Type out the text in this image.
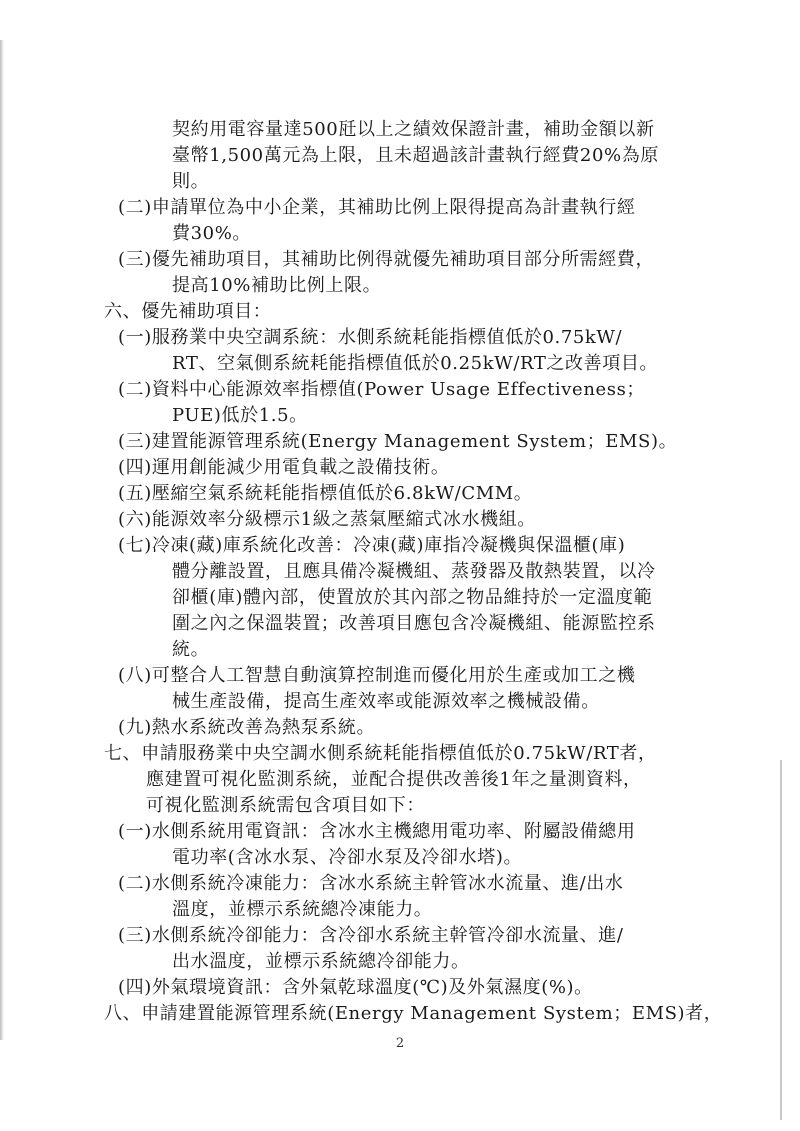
契約用電容量達500瓩以上之績效保證計畫，補助金額以新
臺幣1,500萬元為上限，且未超過該計畫執行經費20%為原
則。
(二)申請單位為中小企業，其補助比例上限得提高為計畫執行經
費30%。
(三)優先補助項目，其補助比例得就優先補助項目部分所需經費，
提高10%補助比例上限。
六、優先補助項目：
(一)服務業中央空調系統：水側系統耗能指標值低於0.75kW/
RT、空氣側系統耗能指標值低於0.25kW/RT之改善項目。
(二)資料中心能源效率指標值(Power Usage Effectiveness；
PUE)低於1.5。
(三)建置能源管理系統(Energy Management System；EMS)。
(四)運用創能減少用電負載之設備技術。
(五)壓縮空氣系統耗能指標值低於6.8kW/CMM。
(六)能源效率分級標示1級之蒸氣壓縮式冰水機組。
(七)冷凍(藏)庫系統化改善：冷凍(藏)庫指冷凝機與保溫櫃(庫)
體分離設置，且應具備冷凝機組、蒸發器及散熱裝置，以冷
卻櫃(庫)體內部，使置放於其內部之物品維持於一定溫度範
圍之內之保溫裝置；改善項目應包含冷凝機組、能源監控系
統。
(八)可整合人工智慧自動演算控制進而優化用於生產或加工之機
械生產設備，提高生產效率或能源效率之機械設備。
(九)熱水系統改善為熱泵系統。
七、申請服務業中央空調水側系統耗能指標值低於0.75kW/RT者，
應建置可視化監測系統，並配合提供改善後1年之量測資料，
可視化監測系統需包含項目如下：
(一)水側系統用電資訊：含冰水主機總用電功率、附屬設備總用
電功率(含冰水泵、冷卻水泵及冷卻水塔)。
(二)水側系統冷凍能力：含冰水系統主幹管冰水流量、進/出水
溫度，並標示系統總冷凍能力。
(三)水側系統冷卻能力：含冷卻水系統主幹管冷卻水流量、進/
出水溫度，並標示系統總冷卻能力。
(四)外氣環境資訊：含外氣乾球溫度(℃)及外氣濕度(%)。
八、申請建置能源管理系統(Energy Management System；EMS)者，
2
